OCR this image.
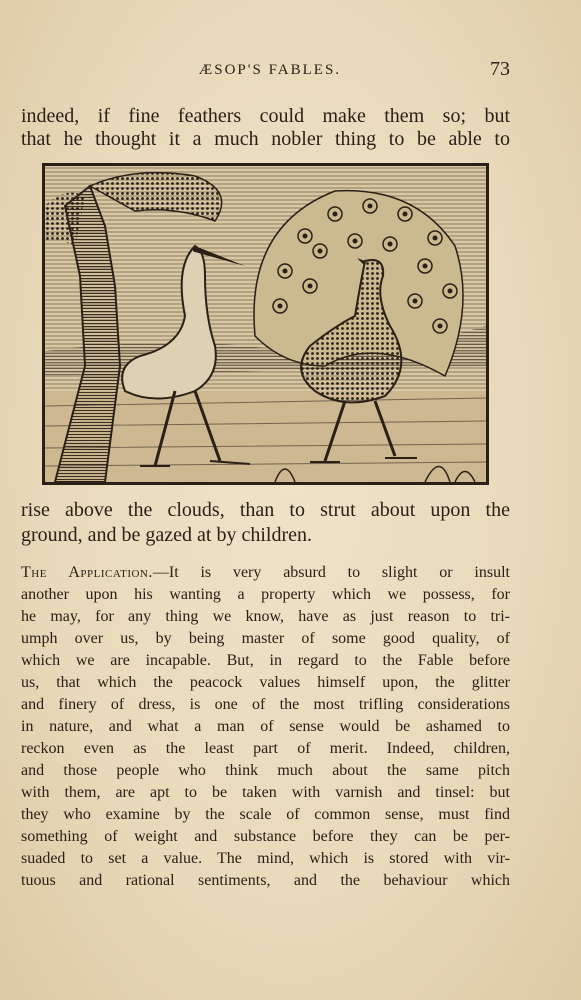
ÆSOP'S FABLES.	73
indeed, if fine feathers could make them so; but
that he thought it a much nobler thing to be able to
rise above the clouds, than to strut about upon the
ground, and be gazed at by children.
The Application.—It is very absurd to slight or insult
another upon his wanting a property which we possess, for
he may, for any thing we know, have as just reason to tri-
umph over us, by being master of some good quality, of
which we are incapable. But, in regard to the Fable before
us, that which the peacock values himself upon, the glitter
and finery of dress, is one of the most trifling considerations
in nature, and what a man of sense would be ashamed to
reckon even as the least part of merit. Indeed, children,
and those people who think much about the same pitch
with them, are apt to be taken with varnish and tinsel: but
they who examine by the scale of common sense, must find
something of weight and substance before they can be per-
suaded to set a value. The mind, which is stored with vir-
tuous and rational sentiments, and the behaviour which
